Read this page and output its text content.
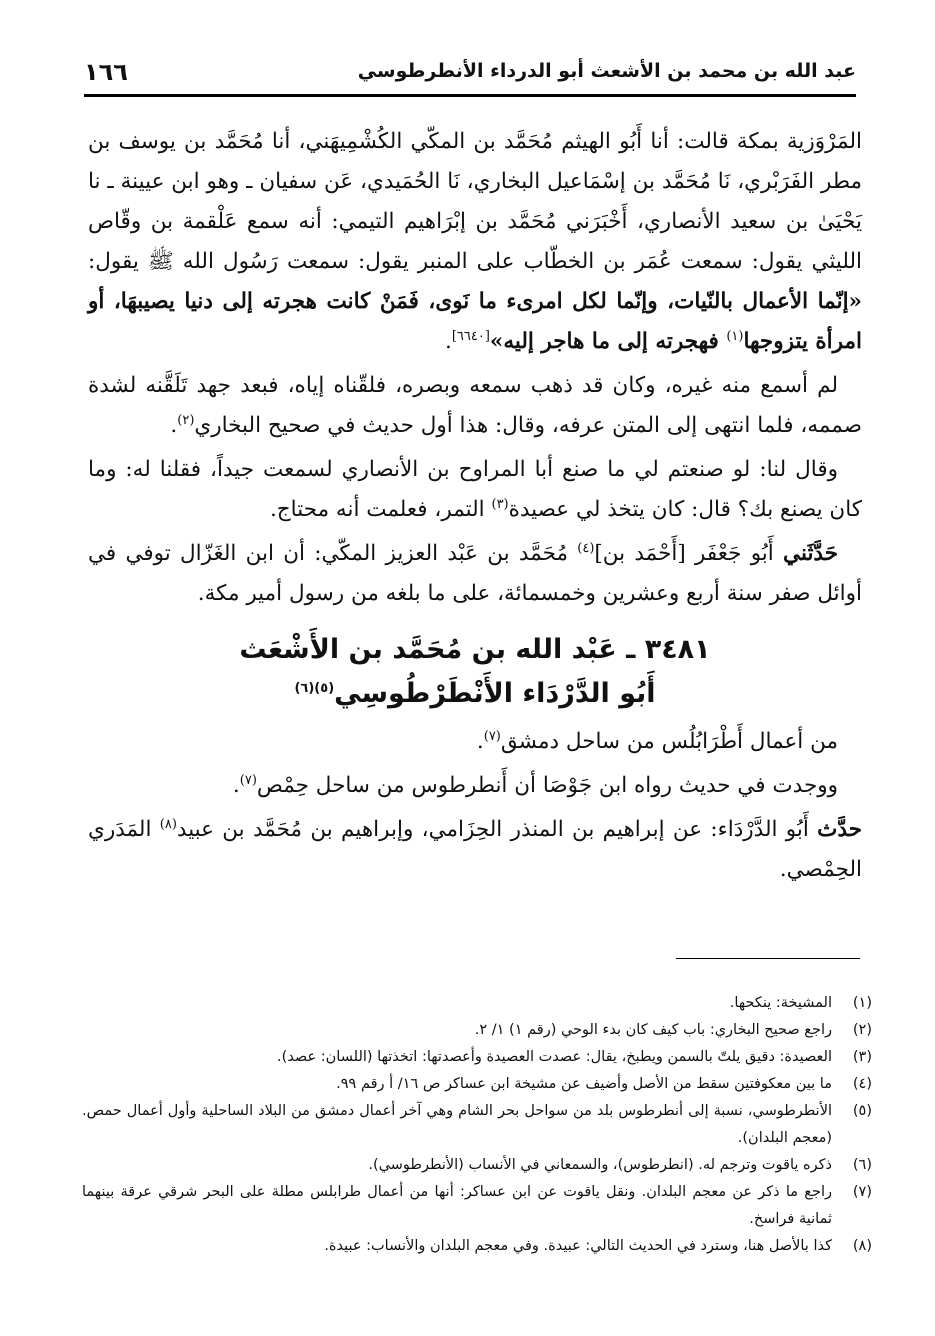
١٦٦	عبد الله بن محمد بن الأشعث أبو الدرداء الأنطرطوسي

المَرْوَزية بمكة قالت: أنا أَبُو الهيثم مُحَمَّد بن المكّي الكُشْمِيهَني، أنا مُحَمَّد بن يوسف بن مطر الفَرَبْري، نَا مُحَمَّد بن إسْمَاعيل البخاري، نَا الحُمَيدي، عَن سفيان ـ وهو ابن عيينة ـ نا يَحْيَىٰ بن سعيد الأنصاري، أَخْبَرَني مُحَمَّد بن إبْرَاهيم التيمي: أنه سمع عَلْقمة بن وقّاص الليثي يقول: سمعت عُمَر بن الخطّاب على المنبر يقول: سمعت رَسُول الله ﷺ يقول: «إنّما الأعمال بالنّيات، وإنّما لكل امرىء ما نَوى، فَمَنْ كانت هجرته إلى دنيا يصيبهَا، أو امرأة يتزوجها$^{(١)}$ فهجرته إلى ما هاجر إليه»[٦٦٤٠].

لم أسمع منه غيره، وكان قد ذهب سمعه وبصره، فلقّناه إياه، فبعد جهد تَلَقَّنه لشدة صممه، فلما انتهى إلى المتن عرفه، وقال: هذا أول حديث في صحيح البخاري$^{(٢)}$.

وقال لنا: لو صنعتم لي ما صنع أبا المراوح بن الأنصاري لسمعت جيداً، فقلنا له: وما كان يصنع بك؟ قال: كان يتخذ لي عصيدة$^{(٣)}$ التمر، فعلمت أنه محتاج.

حَدَّثَني أَبُو جَعْفَر [أَحْمَد بن]$^{(٤)}$ مُحَمَّد بن عَبْد العزيز المكّي: أن ابن الغَزّال توفي في أوائل صفر سنة أربع وعشرين وخمسمائة، على ما بلغه من رسول أمير مكة.

٣٤٨١ ـ عَبْد الله بن مُحَمَّد بن الأَشْعَث
أَبُو الدَّرْدَاء الأَنْطَرْطُوسِي$^{(٥)(٦)}$

من أعمال أَطْرَابُلُس من ساحل دمشق$^{(٧)}$.

ووجدت في حديث رواه ابن جَوْصَا أن أَنطرطوس من ساحل حِمْص$^{(٧)}$.

حدَّث أَبُو الدَّرْدَاء: عن إبراهيم بن المنذر الحِزَامي، وإبراهيم بن مُحَمَّد بن عبيد$^{(٨)}$ المَدَري الحِمْصي.

(١)
المشيخة: ينكحها.
(٢)
راجع صحيح البخاري: باب كيف كان بدء الوحي (رقم ١) ١/ ٢.
(٣)
العصيدة: دقيق يلتّ بالسمن ويطبخ، يقال: عصدت العصيدة وأعصدتها: اتخذتها (اللسان: عصد).
(٤)
ما بين معكوفتين سقط من الأصل وأضيف عن مشيخة ابن عساكر ص ١٦/ أ رقم ٩٩.
(٥)
الأنطرطوسي، نسبة إلى أنطرطوس بلد من سواحل بحر الشام وهي آخر أعمال دمشق من البلاد الساحلية وأول أعمال حمص. (معجم البلدان).
(٦)
ذكره ياقوت وترجم له. (انطرطوس)، والسمعاني في الأنساب (الأنطرطوسي).
(٧)
راجع ما ذكر عن معجم البلدان. ونقل ياقوت عن ابن عساكر: أنها من أعمال طرابلس مطلة على البحر شرقي عرقة بينهما ثمانية فراسخ.
(٨)
كذا بالأصل هنا، وسترد في الحديث التالي: عبيدة. وفي معجم البلدان والأنساب: عبيدة.
